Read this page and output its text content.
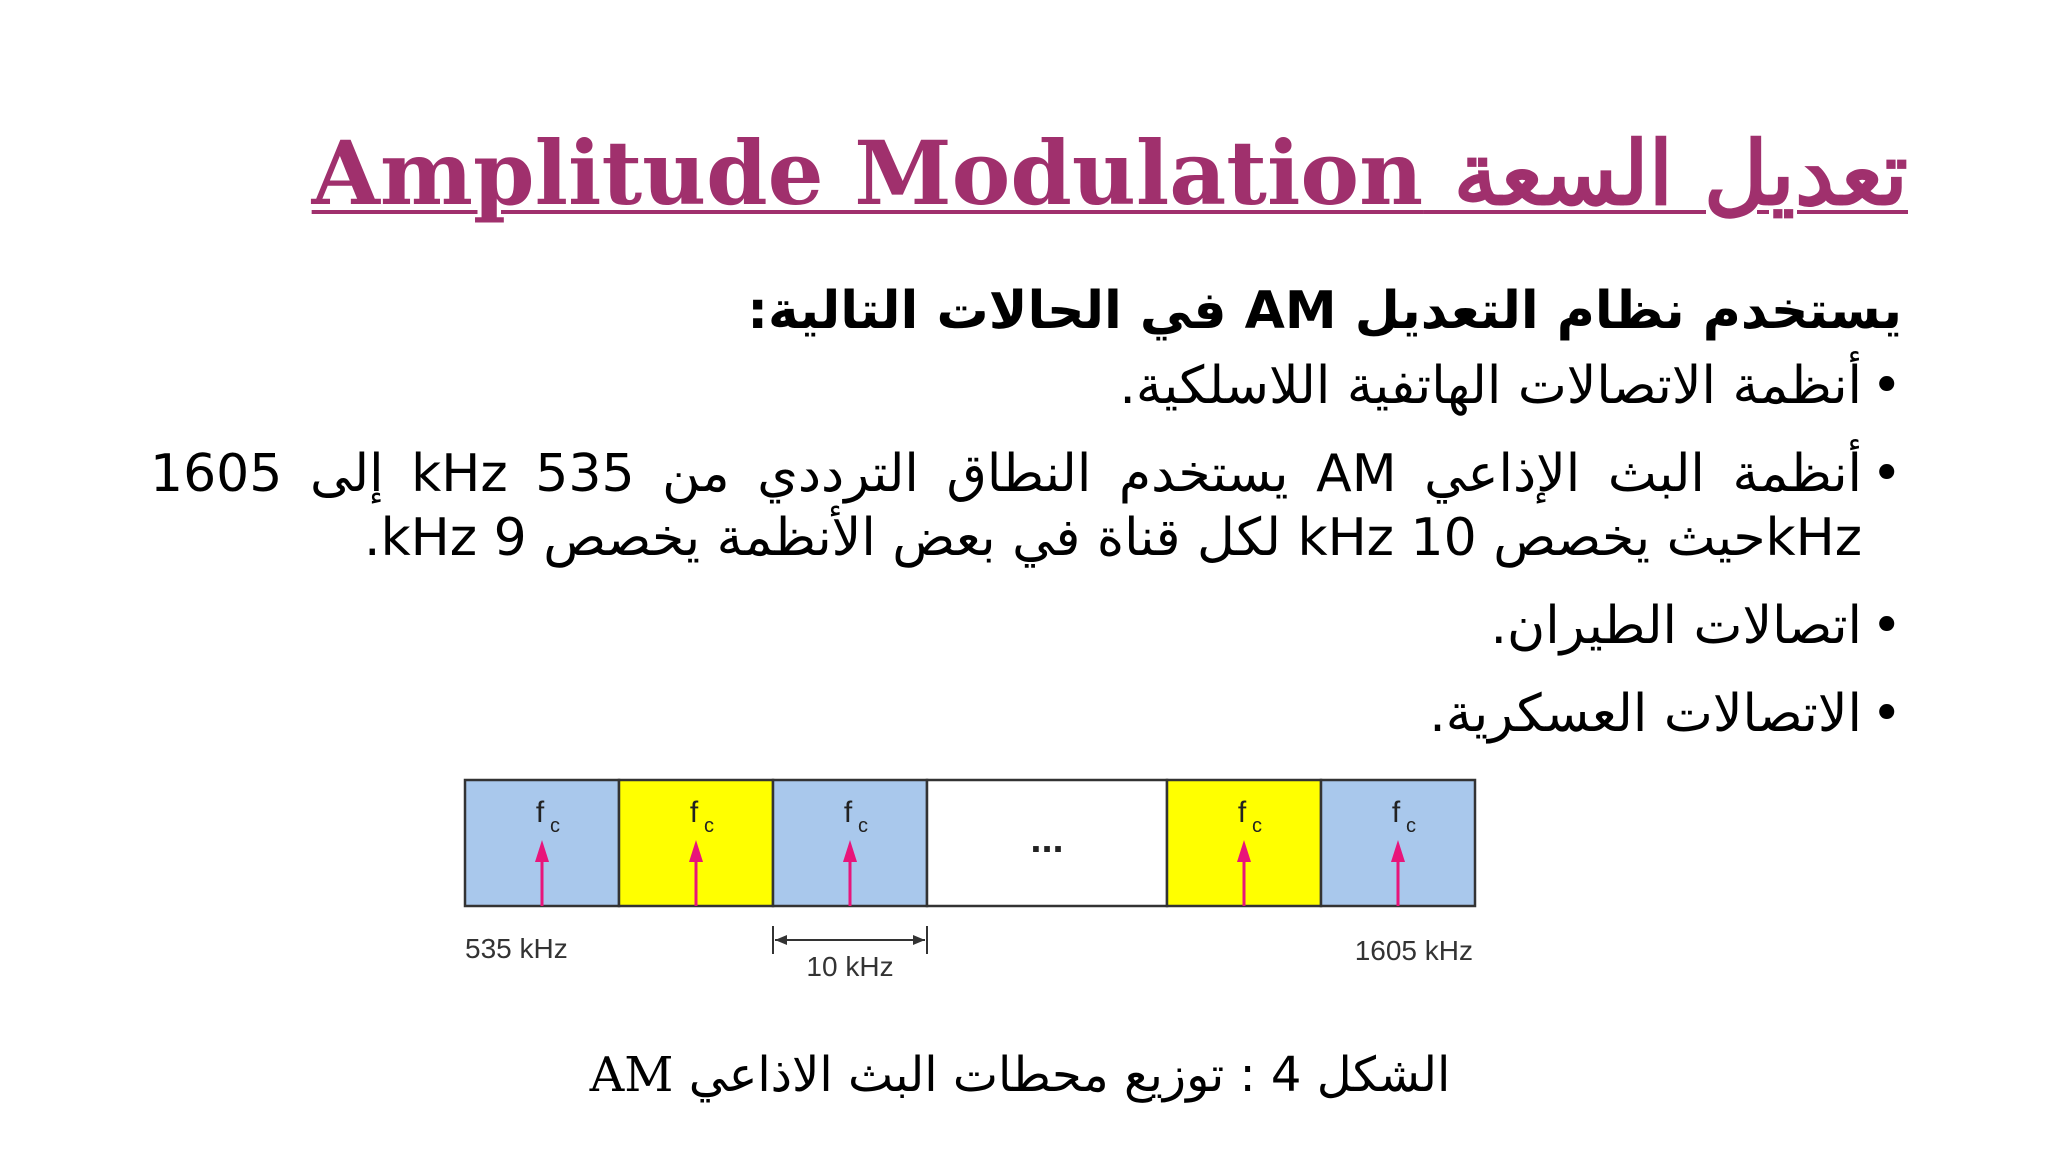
تعديل السعة Amplitude Modulation

يستخدم نظام التعديل AM في الحالات التالية:

•
أنظمة الاتصالات الهاتفية اللاسلكية.
•
أنظمة البث الإذاعي AM يستخدم النطاق الترددي من 535 kHz إلى 1605 kHzحيث يخصص 10 kHz لكل قناة في بعض الأنظمة يخصص 9 kHz.
•
اتصالات الطيران.
•
الاتصالات العسكرية.
f c	f c	f c	...
f c	f c
535 kHz	1605 kHz
10 kHz
الشكل 4 : توزيع محطات البث الاذاعي AM
